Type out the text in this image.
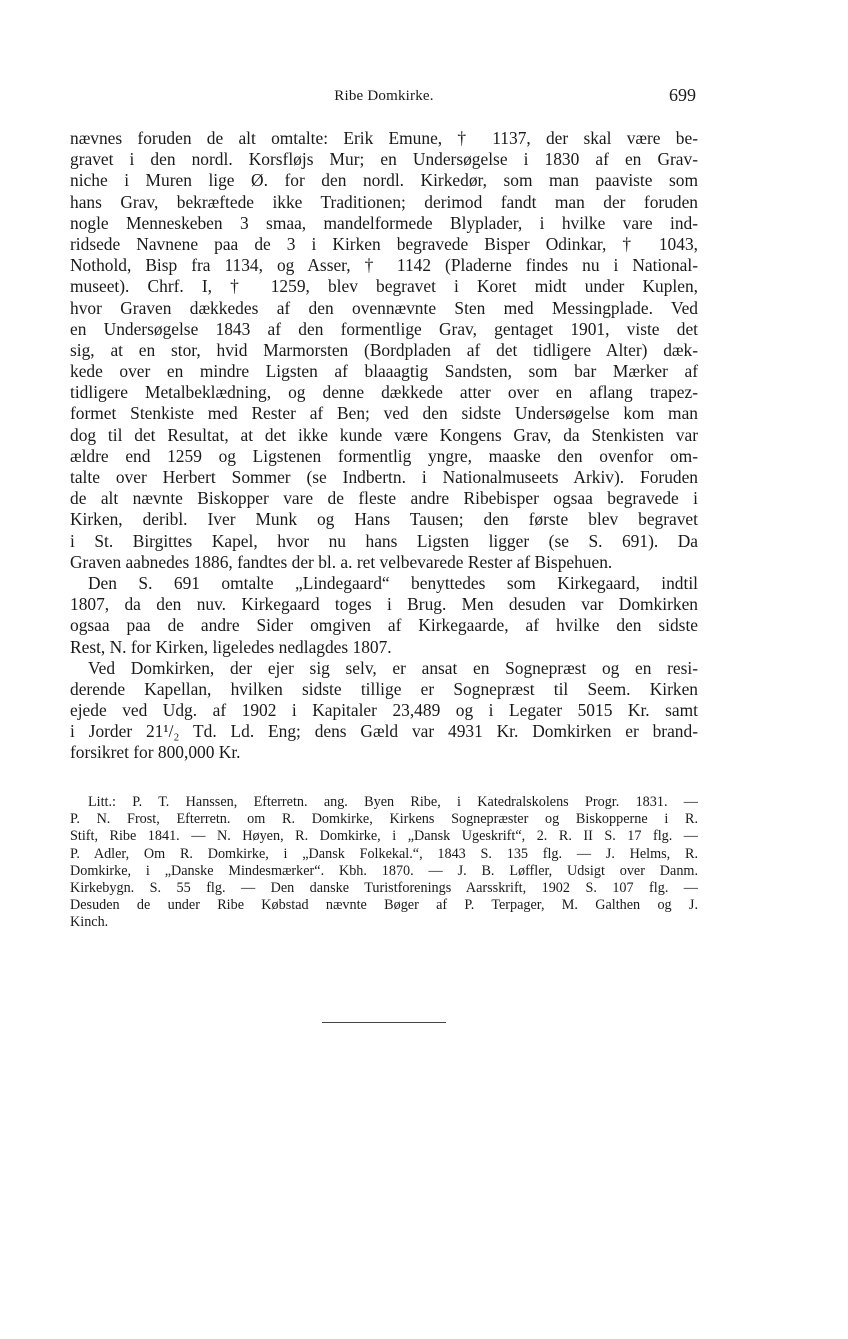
Ribe Domkirke.	699
nævnes foruden de alt omtalte: Erik Emune, † 1137, der skal være be-
gravet i den nordl. Korsfløjs Mur; en Undersøgelse i 1830 af en Grav-
niche i Muren lige Ø. for den nordl. Kirkedør, som man paaviste som
hans Grav, bekræftede ikke Traditionen; derimod fandt man der foruden
nogle Menneskeben 3 smaa, mandelformede Blyplader, i hvilke vare ind-
ridsede Navnene paa de 3 i Kirken begravede Bisper Odinkar, † 1043,
Nothold, Bisp fra 1134, og Asser, † 1142 (Pladerne findes nu i National-
museet). Chrf. I, † 1259, blev begravet i Koret midt under Kuplen,
hvor Graven dækkedes af den ovennævnte Sten med Messingplade. Ved
en Undersøgelse 1843 af den formentlige Grav, gentaget 1901, viste det
sig, at en stor, hvid Marmorsten (Bordpladen af det tidligere Alter) dæk-
kede over en mindre Ligsten af blaaagtig Sandsten, som bar Mærker af
tidligere Metalbeklædning, og denne dækkede atter over en aflang trapez-
formet Stenkiste med Rester af Ben; ved den sidste Undersøgelse kom man
dog til det Resultat, at det ikke kunde være Kongens Grav, da Stenkisten var
ældre end 1259 og Ligstenen formentlig yngre, maaske den ovenfor om-
talte over Herbert Sommer (se Indbertn. i Nationalmuseets Arkiv). Foruden
de alt nævnte Biskopper vare de fleste andre Ribebisper ogsaa begravede i
Kirken, deribl. Iver Munk og Hans Tausen; den første blev begravet
i St. Birgittes Kapel, hvor nu hans Ligsten ligger (se S. 691). Da
Graven aabnedes 1886, fandtes der bl. a. ret velbevarede Rester af Bispehuen.
Den S. 691 omtalte „Lindegaard“ benyttedes som Kirkegaard, indtil
1807, da den nuv. Kirkegaard toges i Brug. Men desuden var Domkirken
ogsaa paa de andre Sider omgiven af Kirkegaarde, af hvilke den sidste
Rest, N. for Kirken, ligeledes nedlagdes 1807.
Ved Domkirken, der ejer sig selv, er ansat en Sognepræst og en resi-
derende Kapellan, hvilken sidste tillige er Sognepræst til Seem. Kirken
ejede ved Udg. af 1902 i Kapitaler 23,489 og i Legater 5015 Kr. samt
i Jorder 21¹/₂ Td. Ld. Eng; dens Gæld var 4931 Kr. Domkirken er brand-
forsikret for 800,000 Kr.
Litt.: P. T. Hanssen, Efterretn. ang. Byen Ribe, i Katedralskolens Progr. 1831. —
P. N. Frost, Efterretn. om R. Domkirke, Kirkens Sognepræster og Biskopperne i R.
Stift, Ribe 1841. — N. Høyen, R. Domkirke, i „Dansk Ugeskrift“, 2. R. II S. 17 flg. —
P. Adler, Om R. Domkirke, i „Dansk Folkekal.“, 1843 S. 135 flg. — J. Helms, R.
Domkirke, i „Danske Mindesmærker“. Kbh. 1870. — J. B. Løffler, Udsigt over Danm.
Kirkebygn. S. 55 flg. — Den danske Turistforenings Aarsskrift, 1902 S. 107 flg. —
Desuden de under Ribe Købstad nævnte Bøger af P. Terpager, M. Galthen og J.
Kinch.
